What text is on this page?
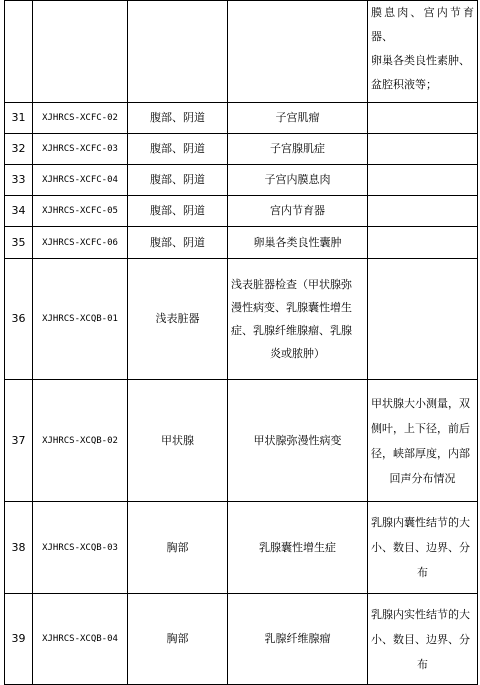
				膜息肉、宫内节育器、
卵巢各类良性素肿、
盆腔积液等；

31	XJHRCS-XCFC-02	腹部、阴道	子宫肌瘤	
32	XJHRCS-XCFC-03	腹部、阴道	子宫腺肌症	
33	XJHRCS-XCFC-04	腹部、阴道	子宫内膜息肉	
34	XJHRCS-XCFC-05	腹部、阴道	宫内节育器	
35	XJHRCS-XCFC-06	腹部、阴道	卵巢各类良性囊肿	
36	XJHRCS-XCQB-01	浅表脏器	浅表脏器检查（甲状腺弥
漫性病变、乳腺囊性增生
症、乳腺纤维腺瘤、乳腺
炎或脓肿）	

37	XJHRCS-XCQB-02	甲状腺	甲状腺弥漫性病变	甲状腺大小测量，双
侧叶，上下径，前后
径，峡部厚度，内部
回声分布情况

38	XJHRCS-XCQB-03	胸部	乳腺囊性增生症	乳腺内囊性结节的大
小、数目、边界、分
布

39	XJHRCS-XCQB-04	胸部	乳腺纤维腺瘤	乳腺内实性结节的大
小、数目、边界、分
布
